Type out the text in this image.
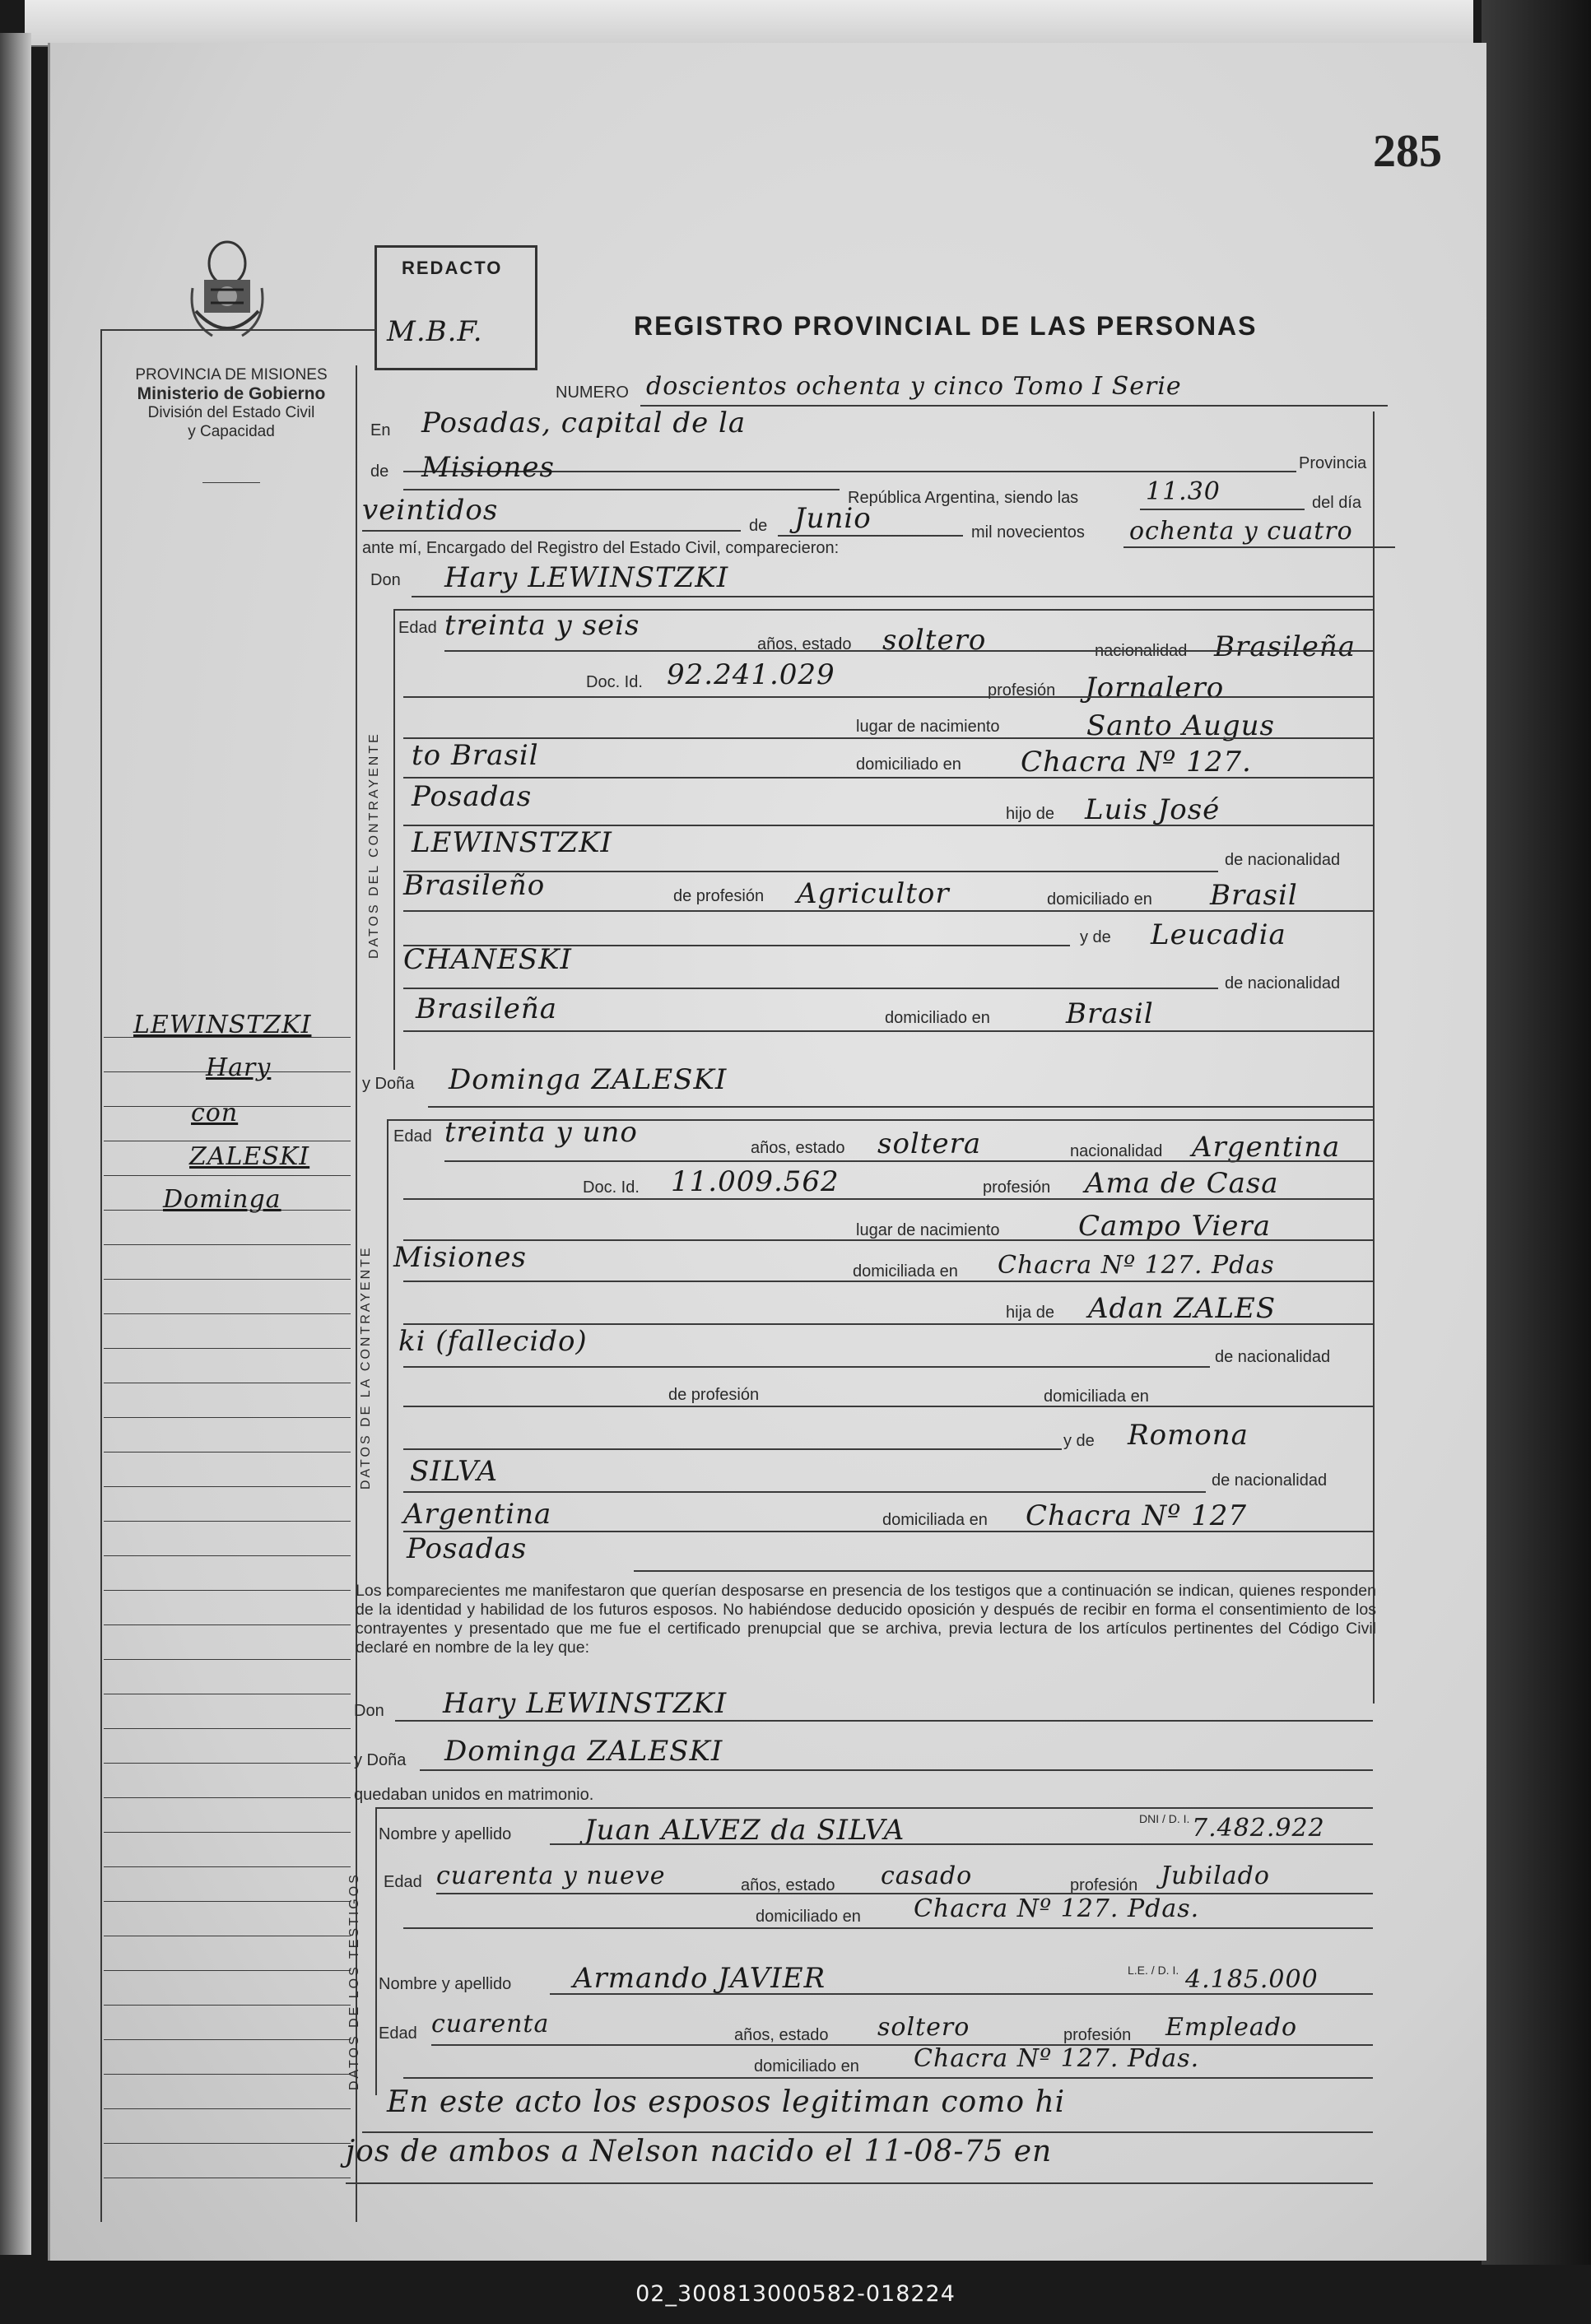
285
PROVINCIA DE MISIONES
Ministerio de Gobierno
División del Estado Civil
y Capacidad
REDACTO
M.B.F.	REGISTRO PROVINCIAL DE LAS PERSONAS
LEWINSTZKI
Hary
con
ZALESKI
Dominga
NUMERO doscientos ochenta y cinco Tomo I Serie
En Posadas, capital de la
Provincia
de Misiones
República Argentina, siendo las	11.30	del día
veintidos	de Junio	mil novecientos ochenta y cuatro
ante mí, Encargado del Registro del Estado Civil, comparecieron:
Don Hary LEWINSTZKI
DATOS DEL CONTRAYENTE
Edad treinta y seis
años, estado soltero	nacionalidad Brasileña
Doc. Id. 92.241.029	profesión Jornalero
lugar de nacimiento	Santo Augus
to Brasil	domiciliado en Chacra Nº 127.
Posadas
hijo de Luis José
LEWINSTZKI
de nacionalidad
Brasileño	de profesión Agricultor	domiciliado en Brasil
y de Leucadia
CHANESKI
de nacionalidad
Brasileña	domiciliado en	Brasil
y Doña Dominga ZALESKI
DATOS DE LA CONTRAYENTE
Edad treinta y uno	años, estado soltera	nacionalidad Argentina
Doc. Id. 11.009.562	profesión Ama de Casa
lugar de nacimiento	Campo Viera
Misiones	domiciliada en Chacra Nº 127. Pdas
hija de Adan ZALES
ki (fallecido)	de nacionalidad
de profesión	domiciliada en
y de Romona
SILVA	de nacionalidad
Argentina	domiciliada en Chacra Nº 127
Posadas
Los comparecientes me manifestaron que querían desposarse en presencia de los testigos que a continuación se indican, quienes responden de la identidad y habilidad de los futuros esposos. No habiéndose deducido oposición y después de recibir en forma el consentimiento de los contrayentes y presentado que me fue el certificado prenupcial que se archiva, previa lectura de los artículos pertinentes del Código Civil declaré en nombre de la ley que:
Don Hary LEWINSTZKI
y Doña Dominga ZALESKI
quedaban unidos en matrimonio.
DATOS DE LOS TESTIGOS
Nombre y apellido	Juan ALVEZ da SILVA	DNI / D. I. 7.482.922
Edad cuarenta y nueve	años, estado casado	profesión Jubilado
domiciliado en Chacra Nº 127. Pdas.
Nombre y apellido Armando JAVIER	L.E. / D. I. 4.185.000
Edad cuarenta	años, estado soltero	profesión Empleado
domiciliado en Chacra Nº 127. Pdas.
En este acto los esposos legitiman como hi
jos de ambos a Nelson nacido el 11-08-75 en
02_300813000582-018224
